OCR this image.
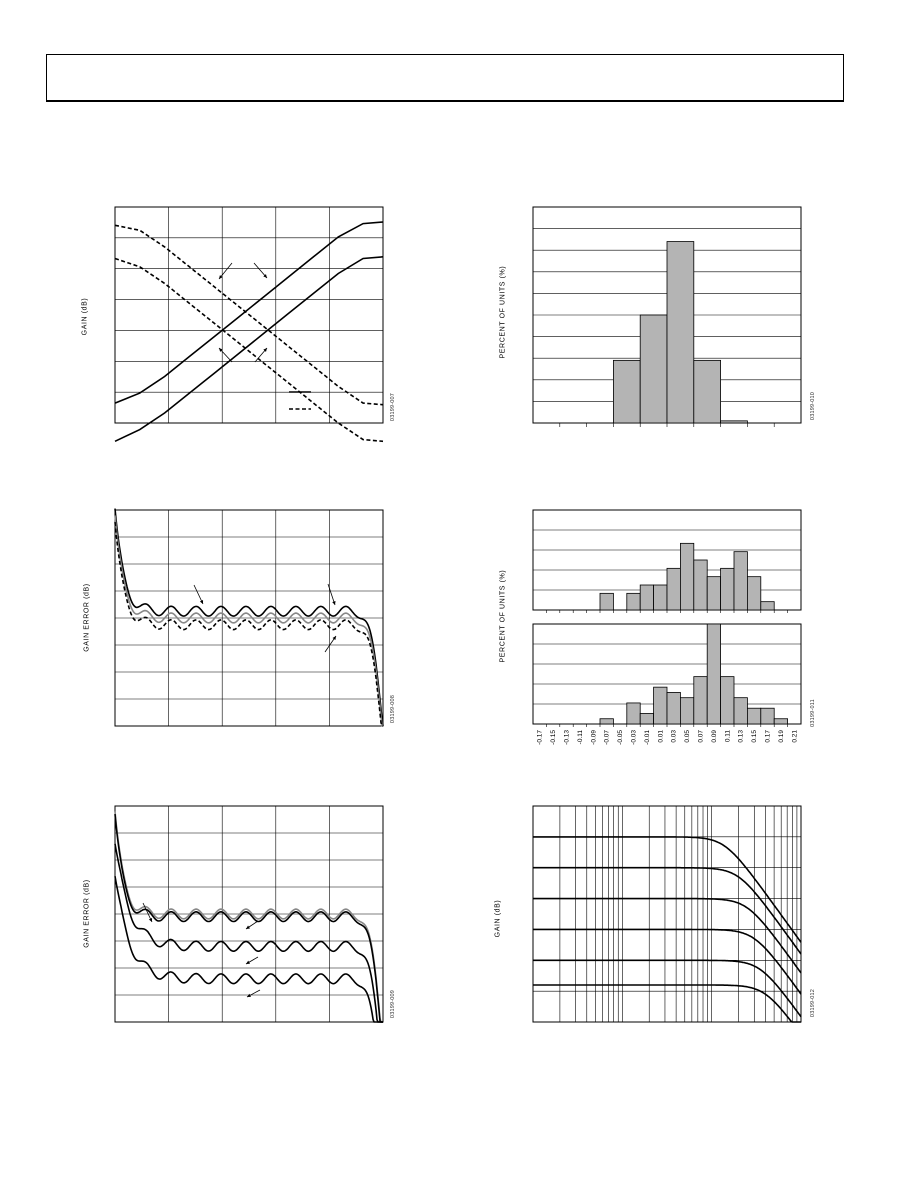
GAIN (dB)	PERCENT OF UNITS (%)
GAIN ERROR (dB)	PERCENT OF UNITS (%)
GAIN ERROR (dB)	GAIN (dB)
03199-007	03199-010
03199-008	03199-011
03199-009	03199-012
-0.17 -0.15 -0.13 -0.11 -0.09 -0.07 -0.05 -0.03 -0.01 0.01 0.03 0.05 0.07 0.09 0.11 0.13 0.15 0.17 0.19 0.21
